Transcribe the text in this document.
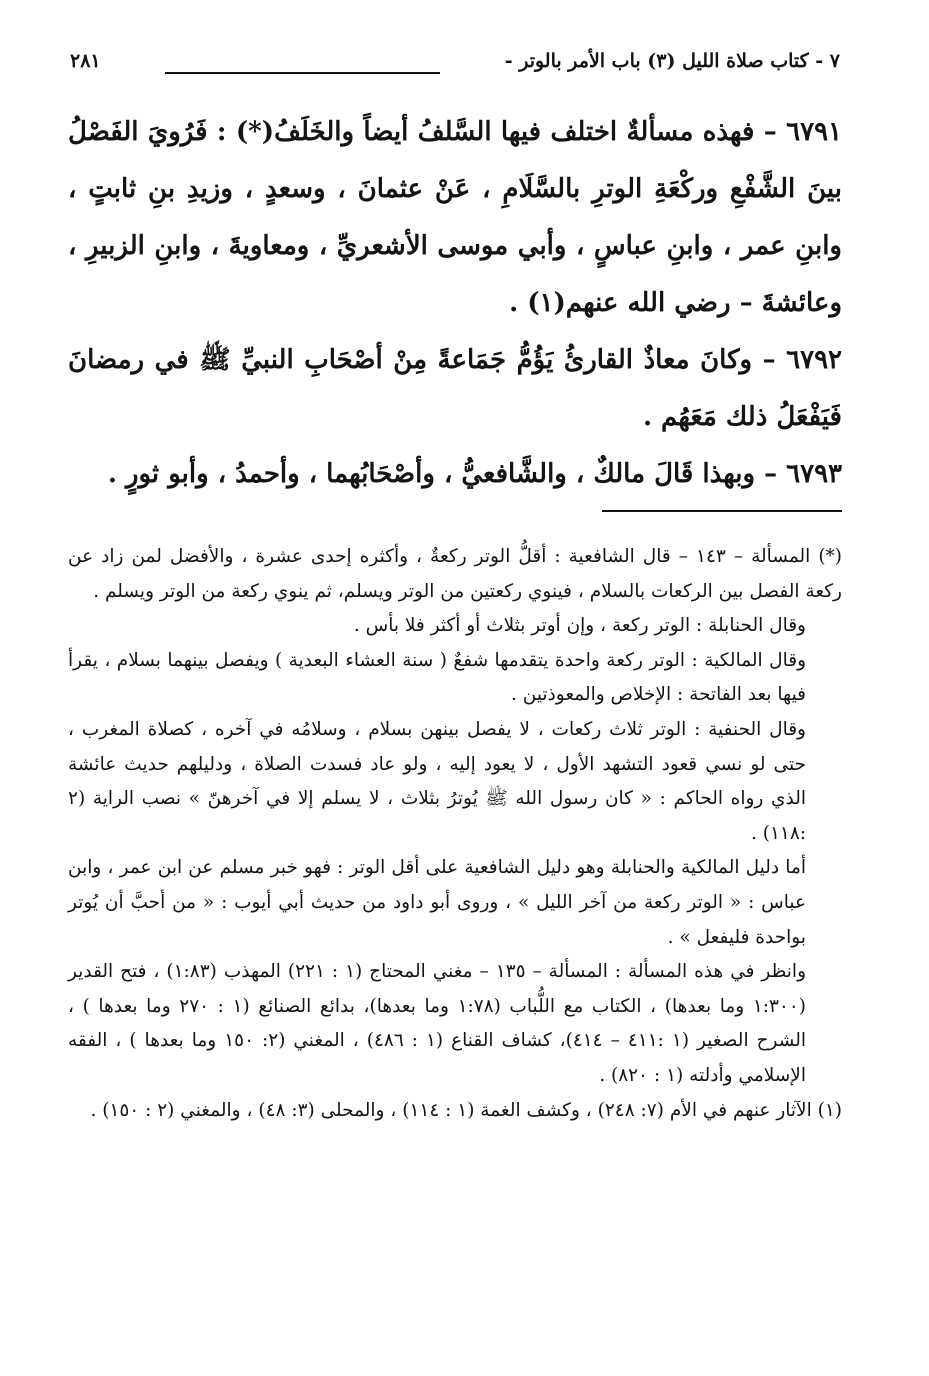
٧ - كتاب صلاة الليل (٣) باب الأمر بالوتر -
٢٨١

٦٧٩١ – فهذه مسألةٌ اختلف فيها السَّلفُ أيضاً والخَلَفُ(*) : فَرُويَ الفَصْلُ بينَ الشَّفْعِ وركْعَةِ الوترِ بالسَّلَامِ ، عَنْ عثمانَ ، وسعدٍ ، وزيدِ بنِ ثابتٍ ، وابنِ عمر ، وابنِ عباسٍ ، وأبي موسى الأشعريِّ ، ومعاويةَ ، وابنِ الزبيرِ ، وعائشةَ – رضي الله عنهم(١) .

٦٧٩٢ – وكانَ معاذٌ القارئُ يَؤُمُّ جَمَاعةً مِنْ أصْحَابِ النبيِّ ﷺ في رمضانَ فَيَفْعَلُ ذلك مَعَهُم .

٦٧٩٣ – وبهذا قَالَ مالكٌ ، والشَّافعيُّ ، وأصْحَابُهما ، وأحمدُ ، وأبو ثورٍ .

(*) المسألة – ١٤٣ – قال الشافعية : أقلُّ الوتر ركعةٌ ، وأكثره إحدى عشرة ، والأفضل لمن زاد عن ركعة الفصل بين الركعات بالسلام ، فينوي ركعتين من الوتر ويسلم، ثم ينوي ركعة من الوتر ويسلم .

وقال الحنابلة : الوتر ركعة ، وإن أوتر بثلاث أو أكثر فلا بأس .

وقال المالكية : الوتر ركعة واحدة يتقدمها شفعٌ ( سنة العشاء البعدية ) ويفصل بينهما بسلام ، يقرأ فيها بعد الفاتحة : الإخلاص والمعوذتين .

وقال الحنفية : الوتر ثلاث ركعات ، لا يفصل بينهن بسلام ، وسلامُه في آخره ، كصلاة المغرب ، حتى لو نسي قعود التشهد الأول ، لا يعود إليه ، ولو عاد فسدت الصلاة ، ودليلهم حديث عائشة الذي رواه الحاكم : « كان رسول الله ﷺ يُوترُ بثلاث ، لا يسلم إلا في آخرهنّ » نصب الراية (٢ :١١٨) .

أما دليل المالكية والحنابلة وهو دليل الشافعية على أقل الوتر : فهو خبر مسلم عن ابن عمر ، وابن عباس : « الوتر ركعة من آخر الليل » ، وروى أبو داود من حديث أبي أيوب : « من أحبَّ أن يُوتر بواحدة فليفعل » .

وانظر في هذه المسألة : المسألة – ١٣٥ – مغني المحتاج (١ : ٢٢١) المهذب (١:٨٣) ، فتح القدير (١:٣٠٠ وما بعدها) ، الكتاب مع اللُّباب (١:٧٨ وما بعدها)، بدائع الصنائع (١ : ٢٧٠ وما بعدها ) ، الشرح الصغير (١ :٤١١ – ٤١٤)، كشاف القناع (١ : ٤٨٦) ، المغني (٢: ١٥٠ وما بعدها ) ، الفقه الإسلامي وأدلته (١ : ٨٢٠) .

(١) الآثار عنهم في الأم (٧: ٢٤٨) ، وكشف الغمة (١ : ١١٤) ، والمحلى (٣: ٤٨) ، والمغني (٢ : ١٥٠) .
